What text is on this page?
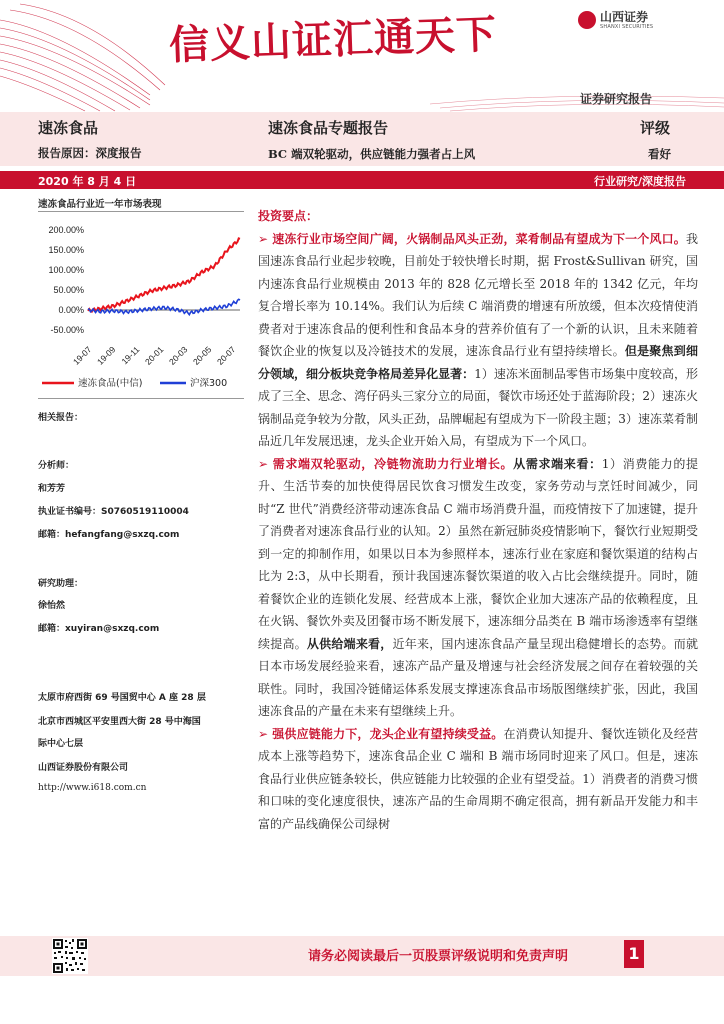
信义山证汇通天下	山西证券
SHANXI SECURITIES
证券研究报告
速冻食品
报告原因：深度报告
速冻食品专题报告
BC 端双轮驱动，供应链能力强者占上风
评级
看好
2020 年 8 月 4 日	行业研究/深度报告
速冻食品行业近一年市场表现
200.00%
150.00%
100.00%
50.00%
0.00%
-50.00%
19-07 19-09 19-11 20-01 20-03 20-05 20-07
速冻食品(中信)	沪深300
相关报告：
分析师：
和芳芳
执业证书编号：S0760519110004
邮箱：hefangfang@sxzq.com
研究助理：
徐怡然
邮箱：xuyiran@sxzq.com
太原市府西街 69 号国贸中心 A 座 28 层
北京市西城区平安里西大街 28 号中海国
际中心七层
山西证券股份有限公司
http://www.i618.com.cn
投资要点：

➢ 速冻行业市场空间广阔，火锅制品风头正劲，菜肴制品有望成为下一个风口。我国速冻食品行业起步较晚，目前处于较快增长时期，据 Frost&Sullivan 研究，国内速冻食品行业规模由 2013 年的 828 亿元增长至 2018 年的 1342 亿元，年均复合增长率为 10.14%。我们认为后续 C 端消费的增速有所放缓，但本次疫情使消费者对于速冻食品的便利性和食品本身的营养价值有了一个新的认识，且未来随着餐饮企业的恢复以及冷链技术的发展，速冻食品行业有望持续增长。但是聚焦到细分领域，细分板块竞争格局差异化显著：1）速冻米面制品零售市场集中度较高，形成了三全、思念、湾仔码头三家分立的局面，餐饮市场还处于蓝海阶段；2）速冻火锅制品竞争较为分散，风头正劲，品牌崛起有望成为下一阶段主题；3）速冻菜肴制品近几年发展迅速，龙头企业开始入局，有望成为下一个风口。

➢ 需求端双轮驱动，冷链物流助力行业增长。从需求端来看：1）消费能力的提升、生活节奏的加快使得居民饮食习惯发生改变，家务劳动与烹饪时间减少，同时“Z 世代”消费经济带动速冻食品 C 端市场消费升温，而疫情按下了加速键，提升了消费者对速冻食品行业的认知。2）虽然在新冠肺炎疫情影响下，餐饮行业短期受到一定的抑制作用，如果以日本为参照样本，速冻行业在家庭和餐饮渠道的结构占比为 2:3，从中长期看，预计我国速冻餐饮渠道的收入占比会继续提升。同时，随着餐饮企业的连锁化发展、经营成本上涨，餐饮企业加大速冻产品的依赖程度，且在火锅、餐饮外卖及团餐市场不断发展下，速冻细分品类在 B 端市场渗透率有望继续提高。从供给端来看，近年来，国内速冻食品产量呈现出稳健增长的态势。而就日本市场发展经验来看，速冻产品产量及增速与社会经济发展之间存在着较强的关联性。同时，我国冷链储运体系发展支撑速冻食品市场版图继续扩张，因此，我国速冻食品的产量在未来有望继续上升。

➢ 强供应链能力下，龙头企业有望持续受益。在消费认知提升、餐饮连锁化及经营成本上涨等趋势下，速冻食品企业 C 端和 B 端市场同时迎来了风口。但是，速冻食品行业供应链条较长，供应链能力比较强的企业有望受益。1）消费者的消费习惯和口味的变化速度很快，速冻产品的生命周期不确定很高，拥有新品开发能力和丰富的产品线确保公司绿树

请务必阅读最后一页股票评级说明和免责声明	1
